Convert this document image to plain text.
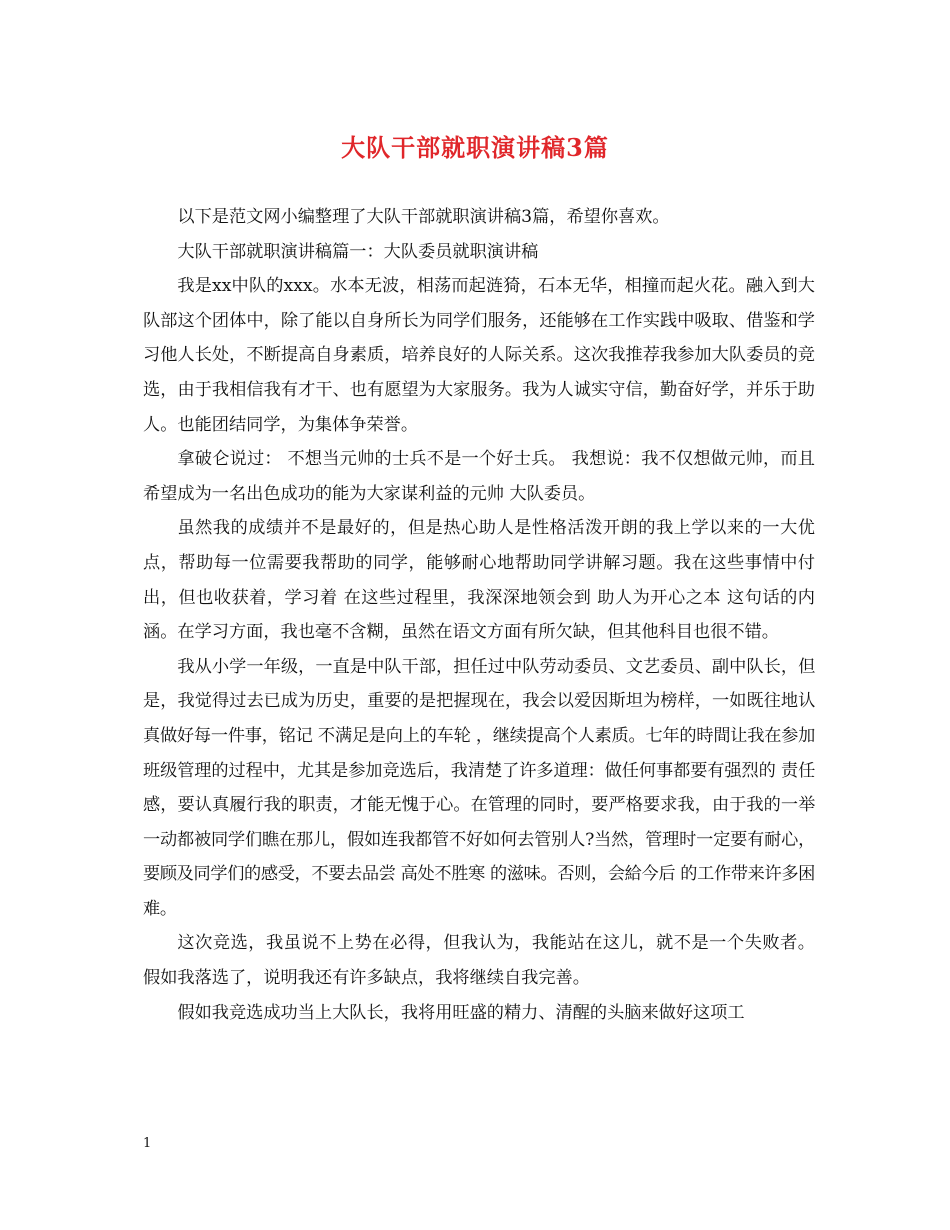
大队干部就职演讲稿3篇

以下是范文网小编整理了大队干部就职演讲稿3篇，希望你喜欢。

大队干部就职演讲稿篇一：大队委员就职演讲稿

我是xx中队的xxx。水本无波，相荡而起涟猗，石本无华，相撞而起火花。融入到大队部这个团体中，除了能以自身所长为同学们服务，还能够在工作实践中吸取、借鉴和学习他人长处，不断提高自身素质，培养良好的人际关系。这次我推荐我参加大队委员的竞选，由于我相信我有才干、也有愿望为大家服务。我为人诚实守信，勤奋好学，并乐于助人。也能团结同学，为集体争荣誉。

拿破仑说过： 不想当元帅的士兵不是一个好士兵。 我想说：我不仅想做元帅，而且希望成为一名出色成功的能为大家谋利益的元帅 大队委员。

虽然我的成绩并不是最好的，但是热心助人是性格活泼开朗的我上学以来的一大优点，帮助每一位需要我帮助的同学，能够耐心地帮助同学讲解习题。我在这些事情中付出，但也收获着，学习着 在这些过程里，我深深地领会到 助人为开心之本 这句话的内涵。在学习方面，我也毫不含糊，虽然在语文方面有所欠缺，但其他科目也很不错。

我从小学一年级，一直是中队干部，担任过中队劳动委员、文艺委员、副中队长，但是，我觉得过去已成为历史，重要的是把握现在，我会以爱因斯坦为榜样，一如既往地认真做好每一件事，铭记 不满足是向上的车轮 ，继续提高个人素质。七年的時間让我在参加班级管理的过程中，尤其是参加竞选后，我清楚了许多道理：做任何事都要有强烈的 责任感，要认真履行我的职责，才能无愧于心。在管理的同时，要严格要求我，由于我的一举一动都被同学们瞧在那儿，假如连我都管不好如何去管别人?当然，管理时一定要有耐心，要顾及同学们的感受，不要去品尝 高处不胜寒 的滋味。否则，会給今后 的工作带来许多困难。

这次竞选，我虽说不上势在必得，但我认为，我能站在这儿，就不是一个失败者。 假如我落选了，说明我还有许多缺点，我将继续自我完善。

假如我竞选成功当上大队长，我将用旺盛的精力、清醒的头脑来做好这项工

1
